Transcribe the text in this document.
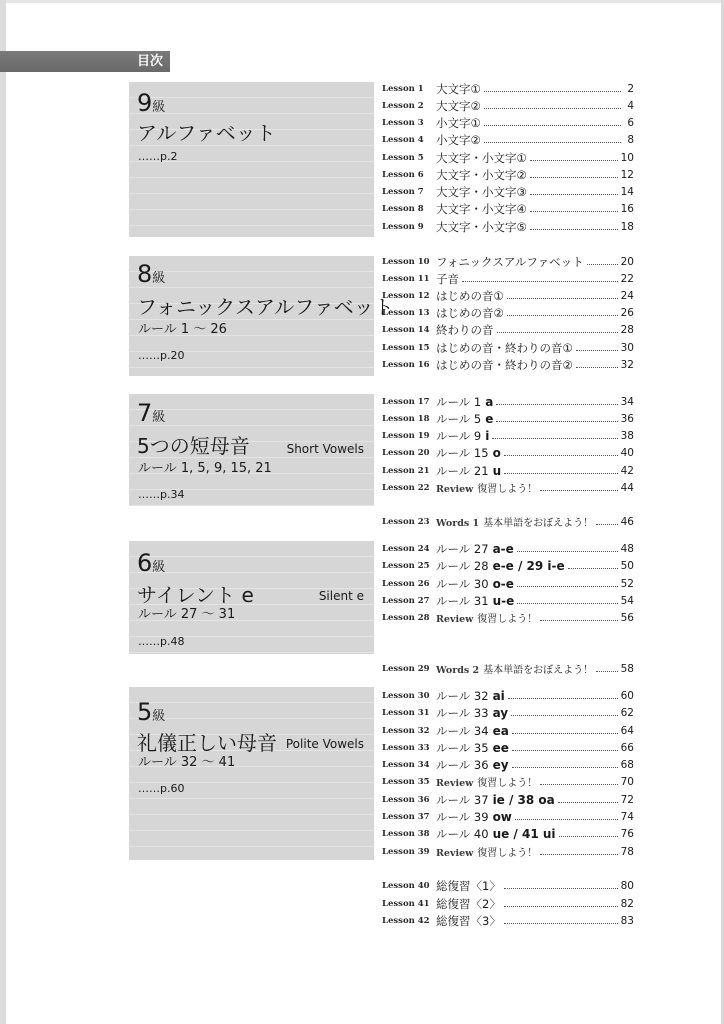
目次
9級
アルファベット
……p.2
8級
フォニックスアルファベット
ルール 1 ～ 26
……p.20
7級
5つの短母音	Short Vowels
ルール 1, 5, 9, 15, 21
……p.34
6級
サイレント e	Silent e
ルール 27 ～ 31
……p.48
5級
礼儀正しい母音 Polite Vowels
ルール 32 ～ 41
……p.60
Lesson 1	大文字①	2
Lesson 2	大文字②	4
Lesson 3	小文字①	6
Lesson 4	小文字②	8
Lesson 5	大文字・小文字①	10
Lesson 6	大文字・小文字②	12
Lesson 7	大文字・小文字③	14
Lesson 8	大文字・小文字④	16
Lesson 9	大文字・小文字⑤	18
Lesson 10 フォニックスアルファベット	20
Lesson 11 子音	22
Lesson 12 はじめの音①	24
Lesson 13 はじめの音②	26
Lesson 14 終わりの音	28
Lesson 15 はじめの音・終わりの音①	30
Lesson 16 はじめの音・終わりの音②	32
Lesson 17 ルール 1 a	34
Lesson 18 ルール 5 e	36
Lesson 19 ルール 9 i	38
Lesson 20 ルール 15 o	40
Lesson 21 ルール 21 u	42
Lesson 22 Review 復習しよう！	44
Lesson 23 Words 1 基本単語をおぼえよう！	46
Lesson 24 ルール 27 a-e	48
Lesson 25 ルール 28 e-e / 29 i-e	50
Lesson 26 ルール 30 o-e	52
Lesson 27 ルール 31 u-e	54
Lesson 28 Review 復習しよう！	56
Lesson 29 Words 2 基本単語をおぼえよう！	58
Lesson 30 ルール 32 ai	60
Lesson 31 ルール 33 ay	62
Lesson 32 ルール 34 ea	64
Lesson 33 ルール 35 ee	66
Lesson 34 ルール 36 ey	68
Lesson 35 Review 復習しよう！	70
Lesson 36 ルール 37 ie / 38 oa	72
Lesson 37 ルール 39 ow	74
Lesson 38 ルール 40 ue / 41 ui	76
Lesson 39 Review 復習しよう！	78
Lesson 40 総復習〈1〉	80
Lesson 41 総復習〈2〉	82
Lesson 42 総復習〈3〉	83
